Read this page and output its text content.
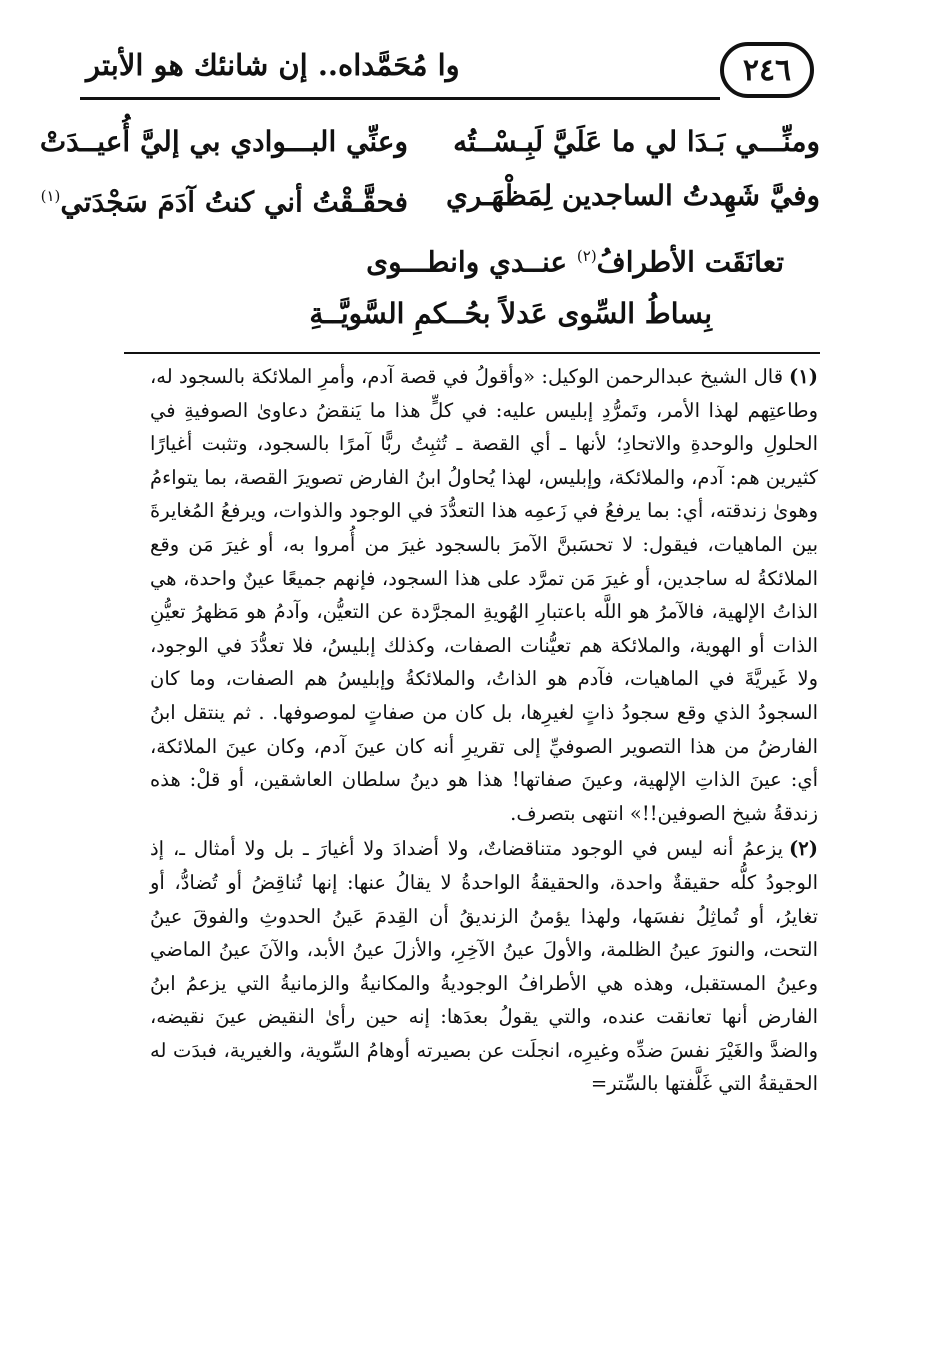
٢٤٦
وا مُحَمَّداه.. إن شانئك هو الأبتر
ومنِّـــي بَـدَا لي ما عَلَيَّ لَبِـسْــتُه
وعنِّي البـــوادي بي إليَّ أُعيــدَتْ
وفيَّ شَهِدتُ الساجدين لِمَظْهَـري
فحقَّـقْتُ أني كنتُ آدَمَ سَجْدَتي$^{(١)}$
تعانَقَت الأطرافُ$^{(٢)}$ عنــدي وانطـــوى
بِساطُ السِّوى عَدلاً بحُــكمِ السَّويَّــةِ

(١)قال الشيخ عبدالرحمن الوكيل: «وأقولُ في قصة آدم، وأمرِ الملائكة بالسجود له، وطاعتِهم لهذا الأمر، وتَمرُّدِ إبليس عليه: في كلٍّ هذا ما يَنقضُ دعاوىٰ الصوفيةِ في الحلولِ والوحدةِ والاتحادِ؛ لأنها ـ أي القصة ـ تُثبِتُ ربًّا آمرًا بالسجود، وتثبت أغيارًا كثيرين هم: آدم، والملائكة، وإبليس، لهذا يُحاولُ ابنُ الفارض تصويرَ القصة، بما يتواءمُ وهوىٰ زندقته، أي: بما يرفعُ في زَعمِه هذا التعدُّدَ في الوجود والذوات، ويرفعُ المُغايرةَ بين الماهيات، فيقول: لا تحسَبنَّ الآمرَ بالسجود غيرَ من أُمروا به، أو غيرَ مَن وقع الملائكةُ له ساجدين، أو غيرَ مَن تمرَّد على هذا السجود، فإنهم جميعًا عينٌ واحدة، هي الذاتُ الإلهية، فالآمرُ هو اللَّه باعتبارِ الهُويةِ المجرَّدة عن التعيُّن، وآدمُ هو مَظهرُ تعيُّنِ الذات أو الهوية، والملائكة هم تعيُّنات الصفات، وكذلك إبليسُ، فلا تعدُّدَ في الوجود، ولا غَيريَّةَ في الماهيات، فآدم هو الذاتُ، والملائكةُ وإبليسُ هم الصفات، وما كان السجودُ الذي وقع سجودُ ذاتٍ لغيرِها، بل كان من صفاتٍ لموصوفها. . ثم ينتقل ابنُ الفارضُ من هذا التصوير الصوفيِّ إلى تقريرِ أنه كان عينَ آدم، وكان عينَ الملائكة، أي: عينَ الذاتِ الإلهية، وعينَ صفاتها! هذا هو دينُ سلطان العاشقين، أو قلْ: هذه زندقةُ شيخ الصوفين!!» انتهى بتصرف.

(٢)يزعمُ أنه ليس في الوجود متناقضاتٌ، ولا أضدادَ ولا أغيارَ ـ بل ولا أمثال ـ، إذ الوجودُ كلُّه حقيقةٌ واحدة، والحقيقةُ الواحدةُ لا يقالُ عنها: إنها تُناقِضُ أو تُضادُّ، أو تغايرُ، أو تُماثِلُ نفسَها، ولهذا يؤمنُ الزنديقُ أن القِدمَ عَينُ الحدوثِ والفوقَ عينُ التحت، والنورَ عينُ الظلمة، والأولَ عينُ الآخِرِ، والأزلَ عينُ الأبد، والآنَ عينُ الماضي وعينُ المستقبل، وهذه هي الأطرافُ الوجوديةُ والمكانيةُ والزمانيةُ التي يزعمُ ابنُ الفارض أنها تعانقت عنده، والتي يقولُ بعدَها: إنه حين رأىٰ النقيض عينَ نقيضه، والضدَّ والغَيْرَ نفسَ ضدِّه وغيرِه، انجلَت عن بصيرته أوهامُ السِّوية، والغيرية، فبدَت له الحقيقةُ التي غَلَّفتها بالسِّتر=
